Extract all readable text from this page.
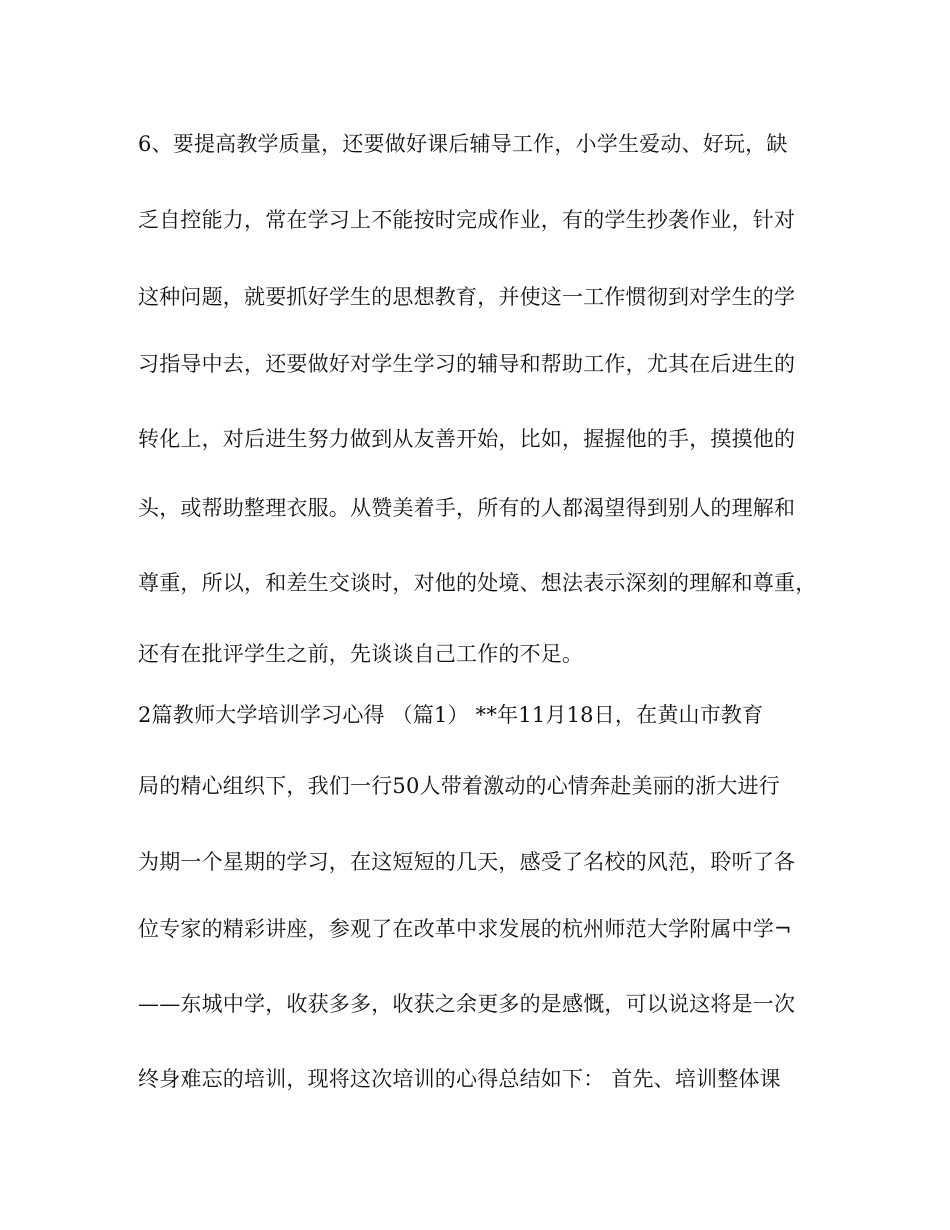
6、要提高教学质量，还要做好课后辅导工作，小学生爱动、好玩，缺
乏自控能力，常在学习上不能按时完成作业，有的学生抄袭作业，针对
这种问题，就要抓好学生的思想教育，并使这一工作惯彻到对学生的学
习指导中去，还要做好对学生学习的辅导和帮助工作，尤其在后进生的
转化上，对后进生努力做到从友善开始，比如，握握他的手，摸摸他的
头，或帮助整理衣服。从赞美着手，所有的人都渴望得到别人的理解和
尊重，所以，和差生交谈时，对他的处境、想法表示深刻的理解和尊重，
还有在批评学生之前，先谈谈自己工作的不足。
2篇教师大学培训学习心得 （篇1） **年11月18日，在黄山市教育
局的精心组织下，我们一行50人带着激动的心情奔赴美丽的浙大进行
为期一个星期的学习，在这短短的几天，感受了名校的风范，聆听了各
位专家的精彩讲座，参观了在改革中求发展的杭州师范大学附属中学¬
——东城中学，收获多多，收获之余更多的是感慨，可以说这将是一次
终身难忘的培训，现将这次培训的心得总结如下： 首先、培训整体课
